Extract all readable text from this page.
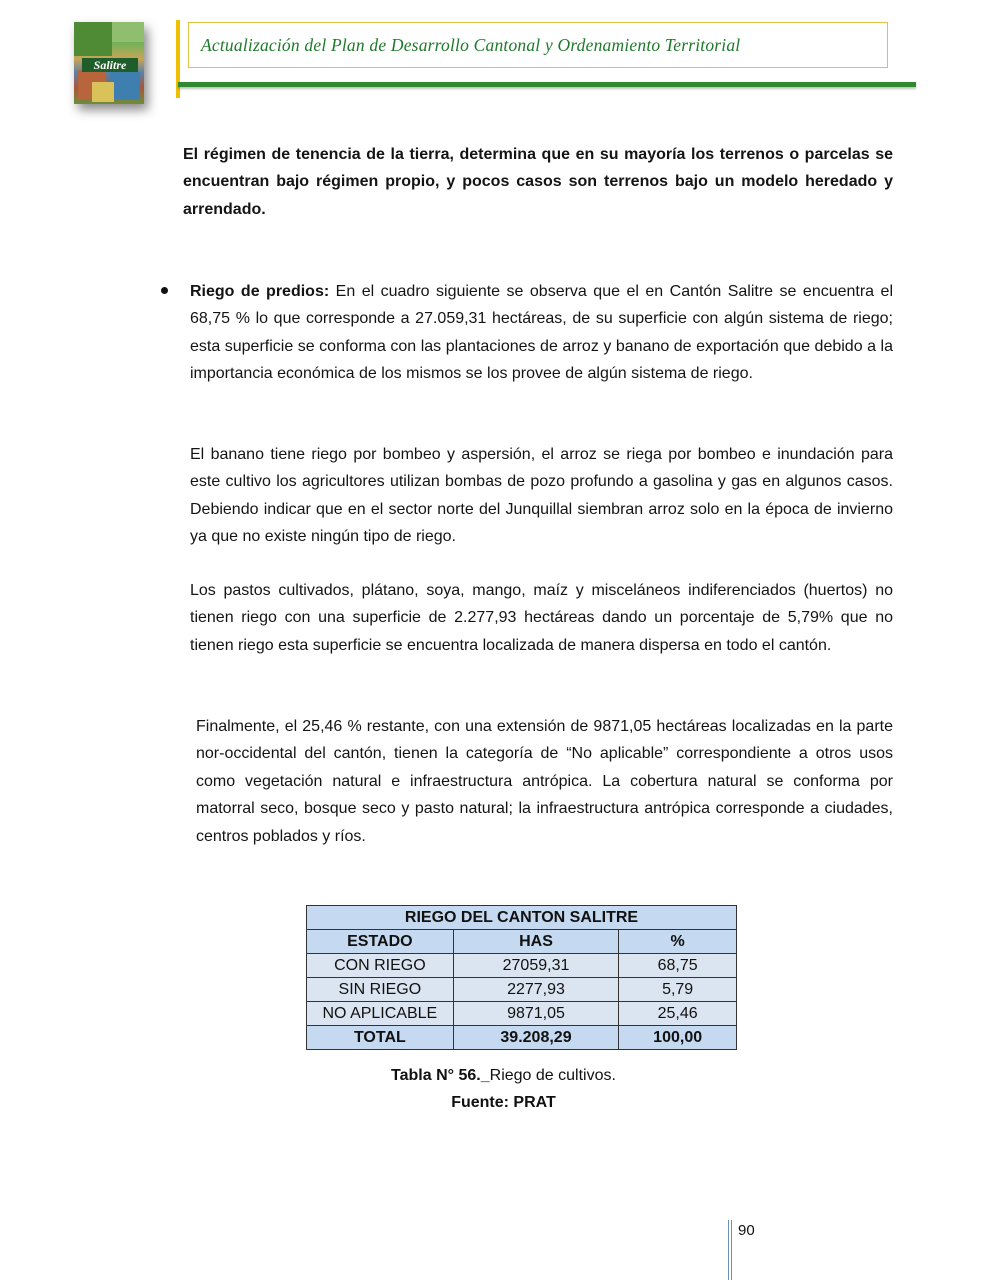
Salitre
Actualización del Plan de Desarrollo Cantonal y Ordenamiento Territorial
El régimen de tenencia de la tierra, determina que en su mayoría los terrenos o parcelas se encuentran bajo régimen propio, y pocos casos son terrenos bajo un modelo heredado y arrendado.
Riego de predios: En el cuadro siguiente se observa que el en Cantón Salitre se encuentra el 68,75 % lo que corresponde a 27.059,31 hectáreas, de su superficie con algún sistema de riego; esta superficie se conforma con las plantaciones de arroz y banano de exportación que debido a la importancia económica de los mismos se los provee de algún sistema de riego.
El banano tiene riego por bombeo y aspersión, el arroz se riega por bombeo e inundación para este cultivo los agricultores utilizan bombas de pozo profundo a gasolina y gas en algunos casos. Debiendo indicar que en el sector norte del Junquillal siembran arroz solo en la época de invierno ya que no existe ningún tipo de riego.
Los pastos cultivados, plátano, soya, mango, maíz y misceláneos indiferenciados (huertos) no tienen riego con una superficie de 2.277,93 hectáreas dando un porcentaje de 5,79% que no tienen riego esta superficie se encuentra localizada de manera dispersa en todo el cantón.
Finalmente, el 25,46 % restante, con una extensión de 9871,05 hectáreas localizadas en la parte nor-occidental del cantón, tienen la categoría de “No aplicable” correspondiente a otros usos como vegetación natural e infraestructura antrópica. La cobertura natural se conforma por matorral seco, bosque seco y pasto natural; la infraestructura antrópica corresponde a ciudades, centros poblados y ríos.
RIEGO DEL CANTON SALITRE		
ESTADO	HAS	%
CON RIEGO	27059,31	68,75
SIN RIEGO	2277,93	5,79
NO APLICABLE	9871,05	25,46
TOTAL	39.208,29	100,00
Tabla N° 56._Riego de cultivos.
Fuente: PRAT
90
